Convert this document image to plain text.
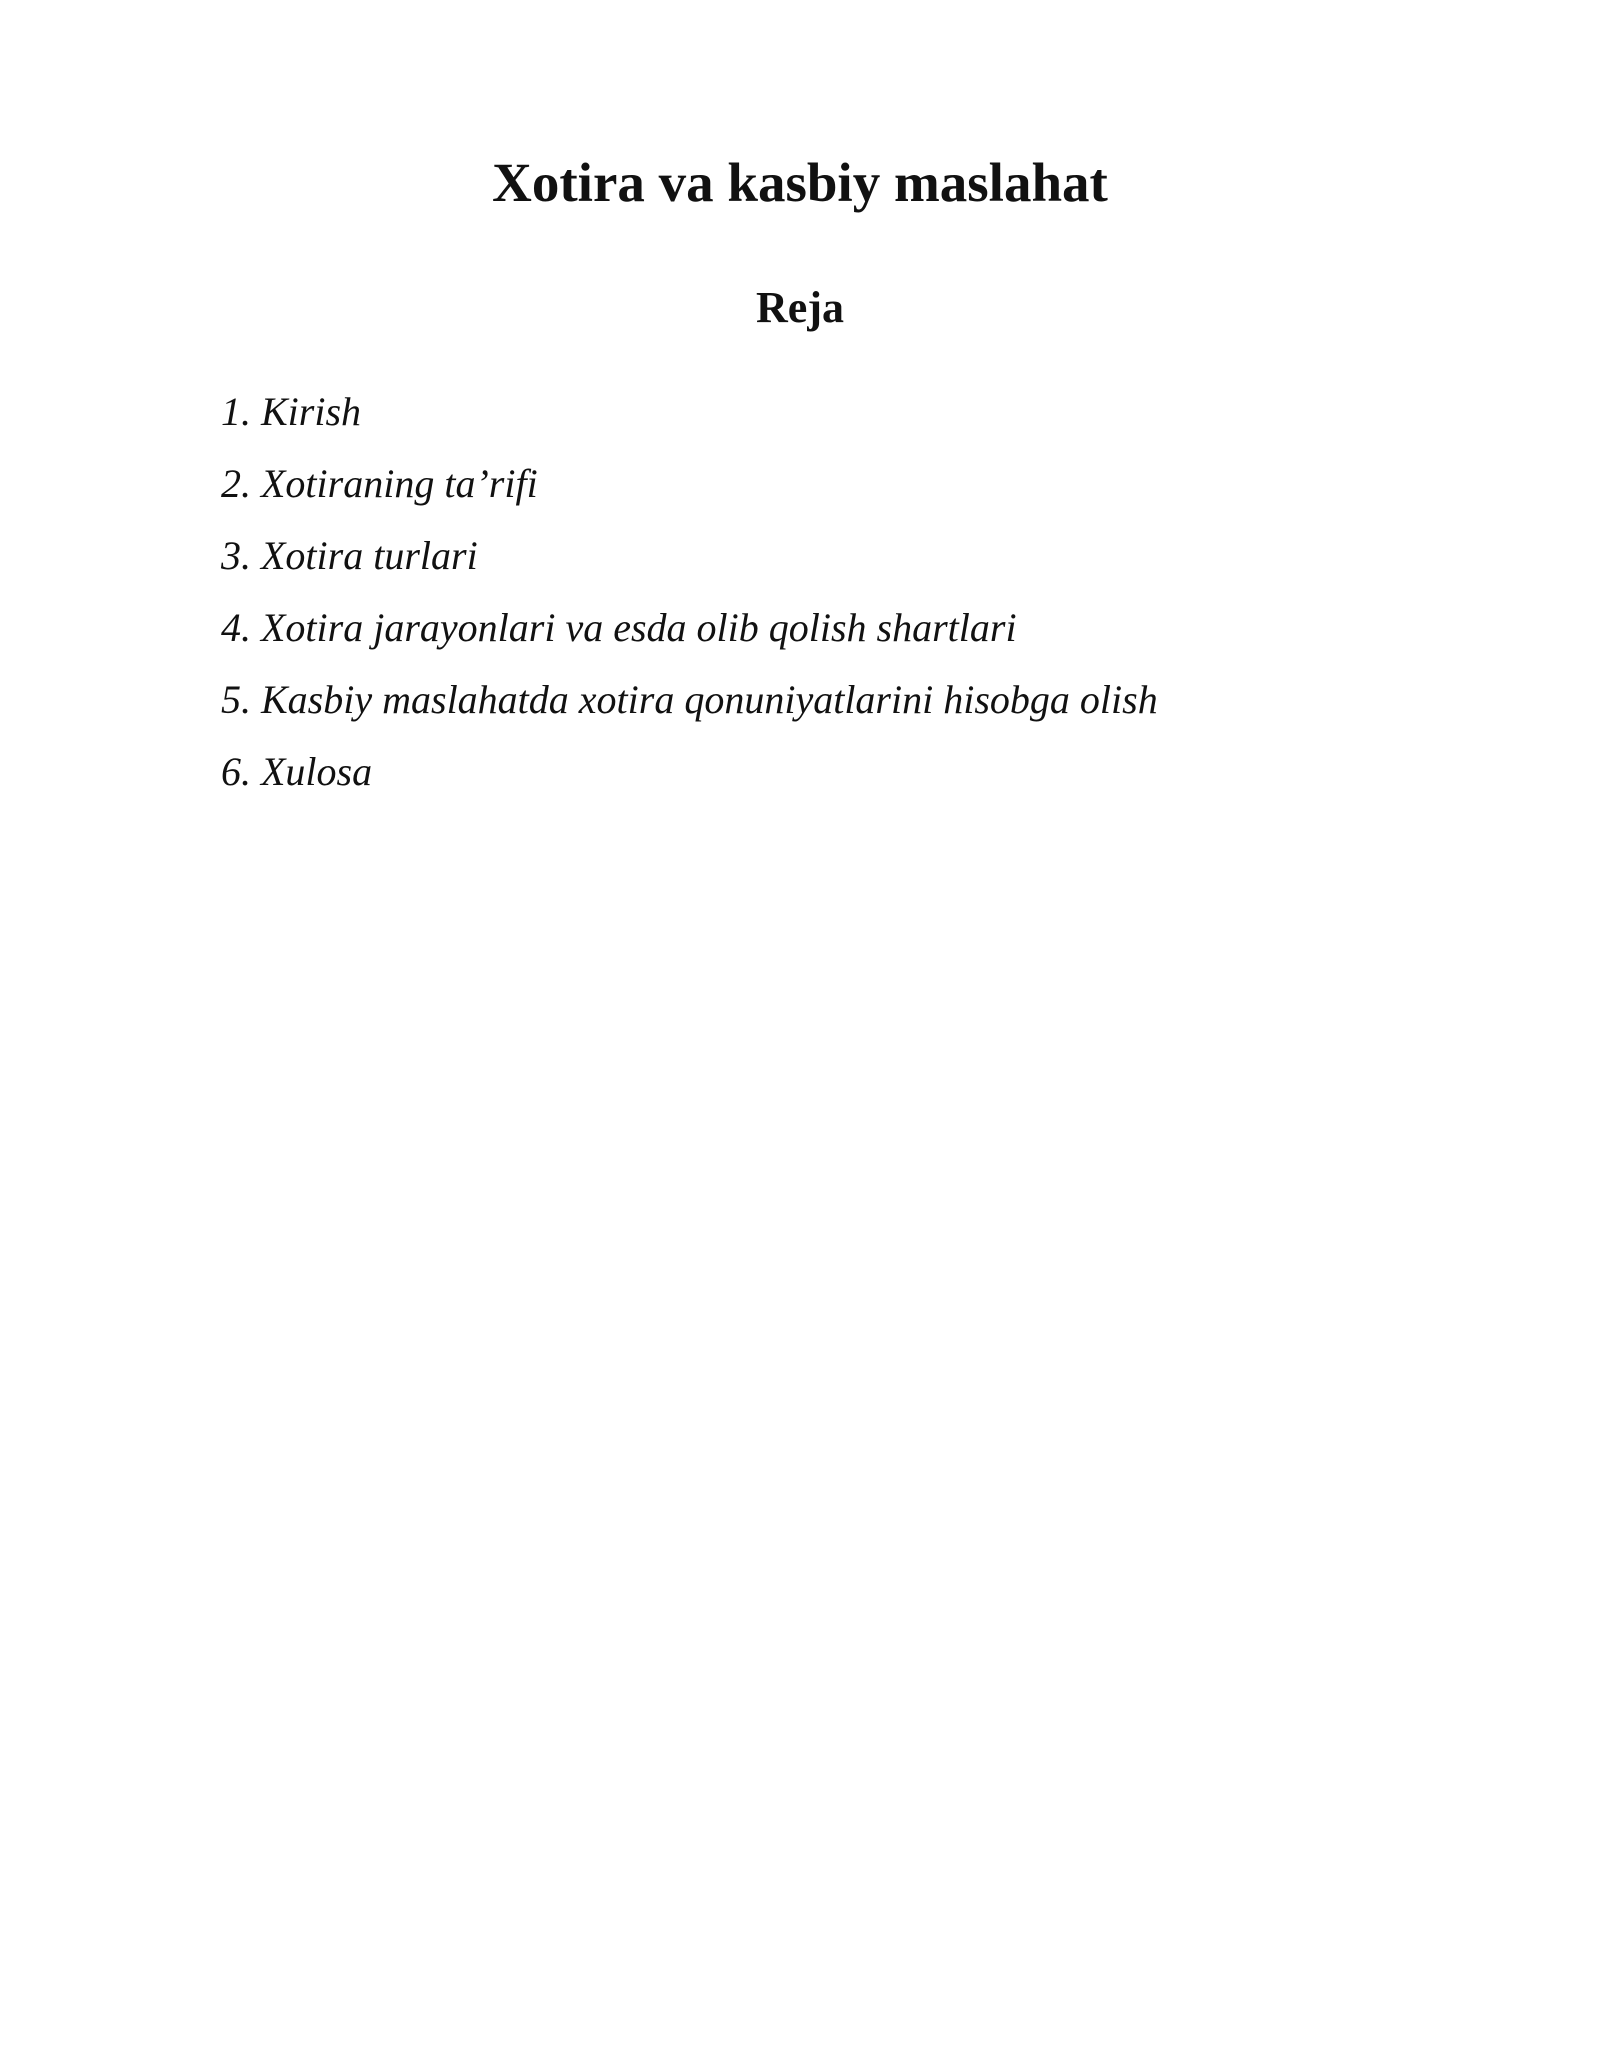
Xotira va kasbiy maslahat
Reja
1. Kirish
2. Xotiraning ta’rifi
3. Xotira turlari
4. Xotira jarayonlari va esda olib qolish shartlari
5. Kasbiy maslahatda xotira qonuniyatlarini hisobga olish
6. Xulosa
